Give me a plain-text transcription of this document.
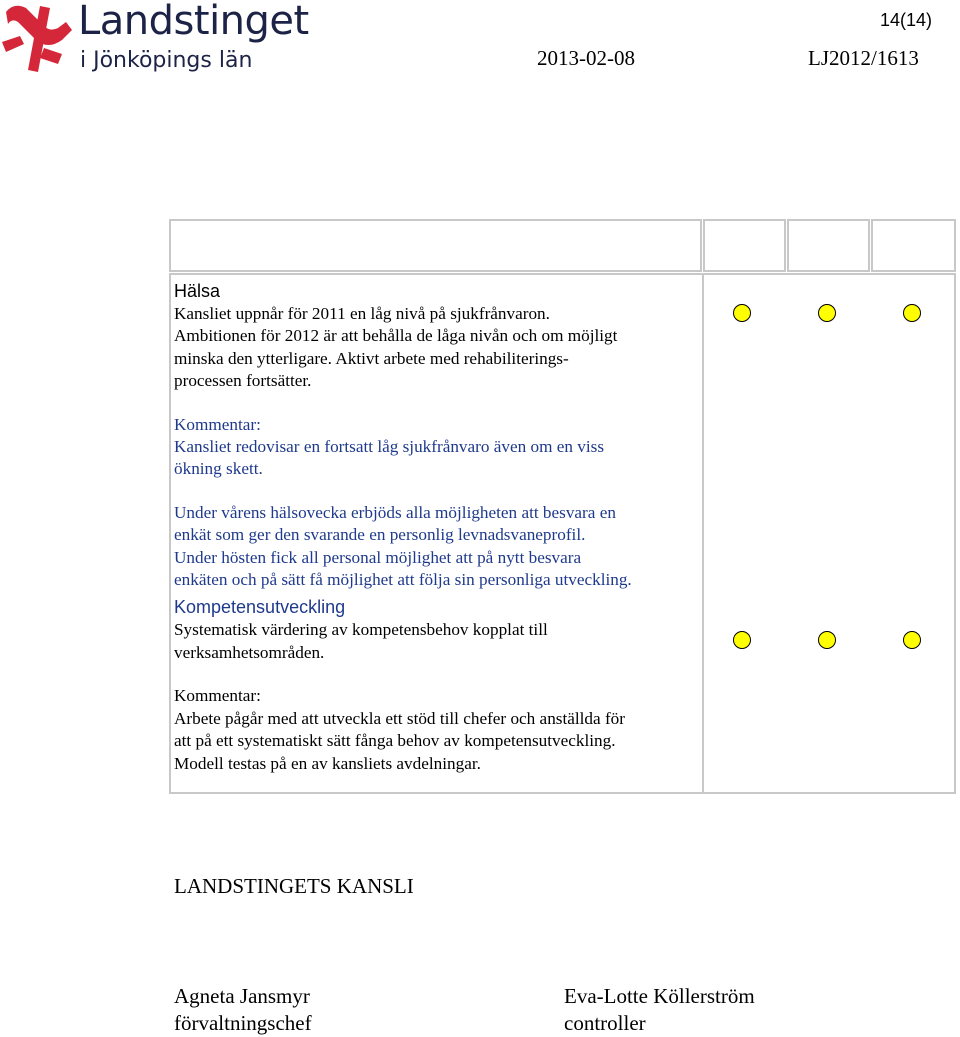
Landstinget
i Jönköpings län
14(14)
2013-02-08	LJ2012/1613

Hälsa

Kansliet uppnår för 2011 en låg nivå på sjukfrånvaron.

Ambitionen för 2012 är att behålla de låga nivån och om möjligt

minska den ytterligare. Aktivt arbete med rehabiliterings-

processen fortsätter.

Kommentar:

Kansliet redovisar en fortsatt låg sjukfrånvaro även om en viss

ökning skett.

Under vårens hälsovecka erbjöds alla möjligheten att besvara en

enkät som ger den svarande en personlig levnadsvaneprofil.

Under hösten fick all personal möjlighet att på nytt besvara

enkäten och på sätt få möjlighet att följa sin personliga utveckling.

Kompetensutveckling

Systematisk värdering av kompetensbehov kopplat till

verksamhetsområden.

Kommentar:

Arbete pågår med att utveckla ett stöd till chefer och anställda för

att på ett systematiskt sätt fånga behov av kompetensutveckling.

Modell testas på en av kansliets avdelningar.

LANDSTINGETS KANSLI
Agneta Jansmyr
förvaltningschef
Eva-Lotte Köllerström
controller
